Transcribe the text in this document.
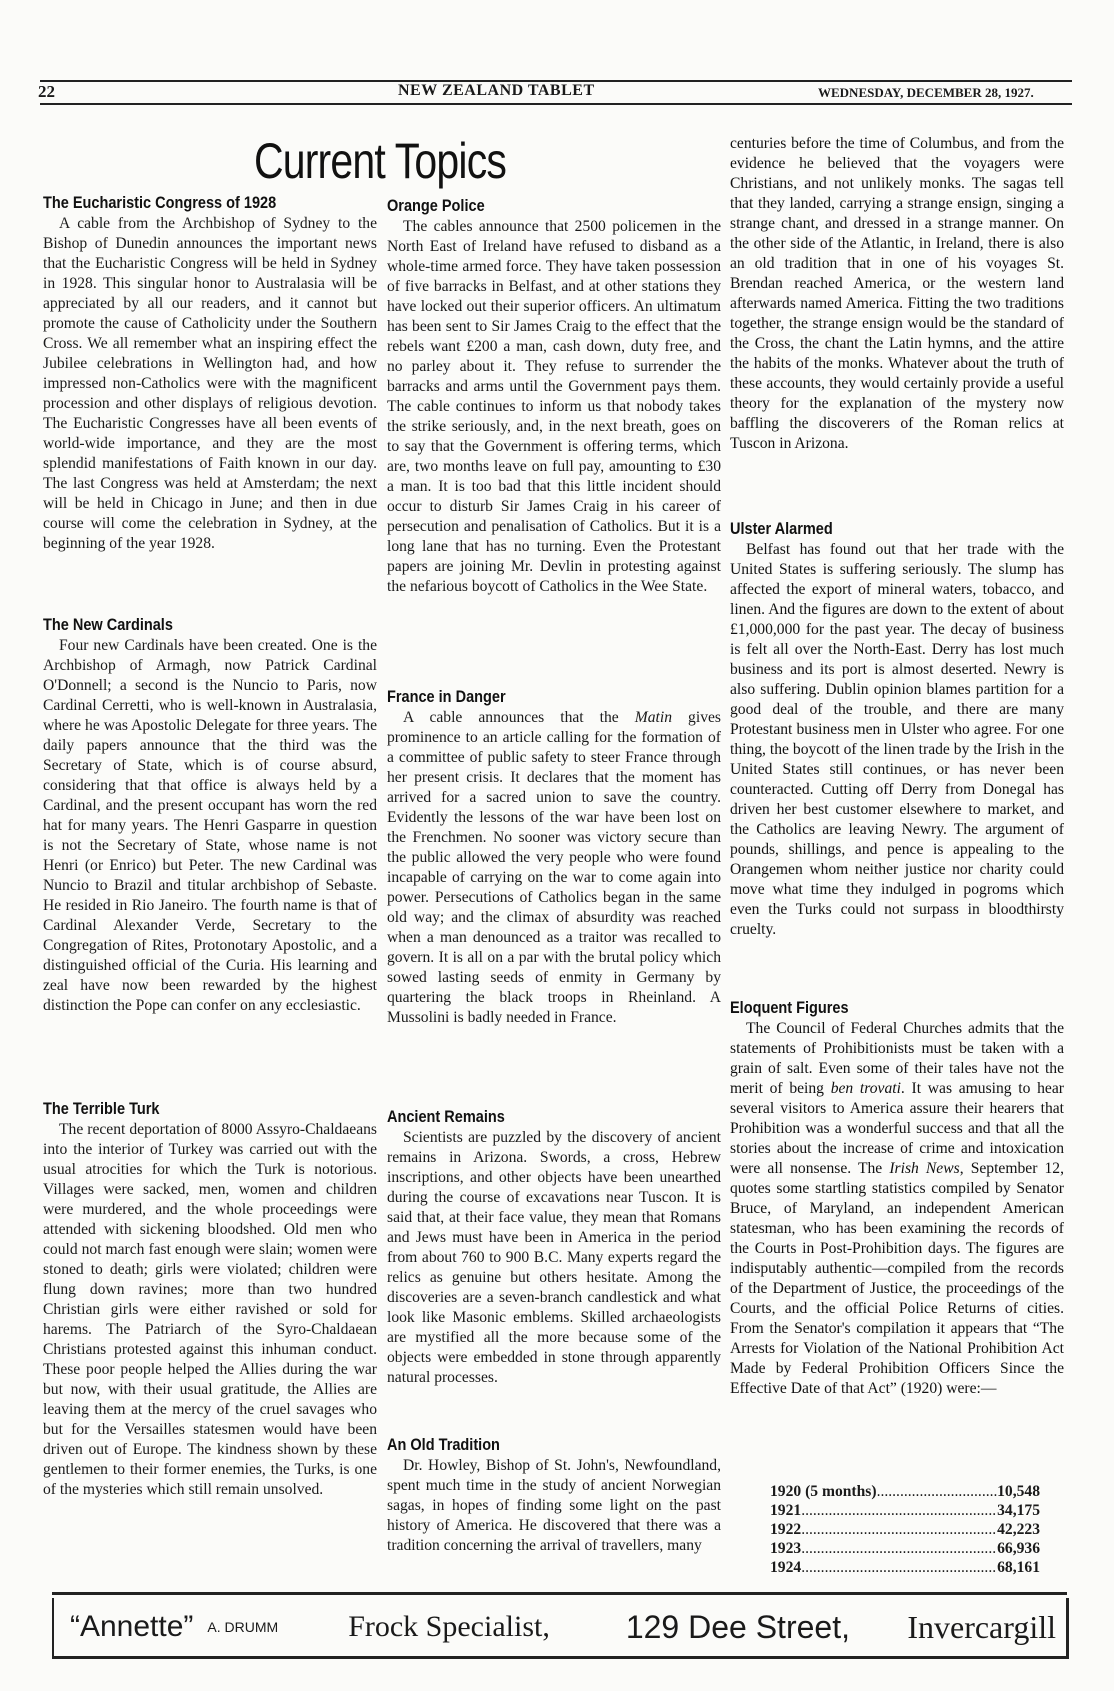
22	NEW ZEALAND TABLET	WEDNESDAY, DECEMBER 28, 1927.
Current Topics
The Eucharistic Congress of 1928

A cable from the Archbishop of Sydney to the Bishop of Dunedin announces the important news that the Eucharistic Congress will be held in Sydney in 1928. This singular honor to Australasia will be appreciated by all our readers, and it cannot but promote the cause of Catholicity under the Southern Cross. We all remember what an inspiring effect the Jubilee celebrations in Wellington had, and how impressed non-Catholics were with the magnificent procession and other displays of religious devotion. The Eucharistic Congresses have all been events of world-wide importance, and they are the most splendid manifestations of Faith known in our day. The last Congress was held at Amsterdam; the next will be held in Chicago in June; and then in due course will come the celebration in Sydney, at the beginning of the year 1928.

The New Cardinals

Four new Cardinals have been created. One is the Archbishop of Armagh, now Patrick Cardinal O'Donnell; a second is the Nuncio to Paris, now Cardinal Cerretti, who is well-known in Australasia, where he was Apostolic Delegate for three years. The daily papers announce that the third was the Secretary of State, which is of course absurd, considering that that office is always held by a Cardinal, and the present occupant has worn the red hat for many years. The Henri Gasparre in question is not the Secretary of State, whose name is not Henri (or Enrico) but Peter. The new Cardinal was Nuncio to Brazil and titular archbishop of Sebaste. He resided in Rio Janeiro. The fourth name is that of Cardinal Alexander Verde, Secretary to the Congregation of Rites, Protonotary Apostolic, and a distinguished official of the Curia. His learning and zeal have now been rewarded by the highest distinction the Pope can confer on any ecclesiastic.

The Terrible Turk

The recent deportation of 8000 Assyro-Chaldaeans into the interior of Turkey was carried out with the usual atrocities for which the Turk is notorious. Villages were sacked, men, women and children were murdered, and the whole proceedings were attended with sickening bloodshed. Old men who could not march fast enough were slain; women were stoned to death; girls were violated; children were flung down ravines; more than two hundred Christian girls were either ravished or sold for harems. The Patriarch of the Syro-Chaldaean Christians protested against this inhuman conduct. These poor people helped the Allies during the war but now, with their usual gratitude, the Allies are leaving them at the mercy of the cruel savages who but for the Versailles statesmen would have been driven out of Europe. The kindness shown by these gentlemen to their former enemies, the Turks, is one of the mysteries which still remain unsolved.

Orange Police

The cables announce that 2500 policemen in the North East of Ireland have refused to disband as a whole-time armed force. They have taken possession of five barracks in Belfast, and at other stations they have locked out their superior officers. An ultimatum has been sent to Sir James Craig to the effect that the rebels want £200 a man, cash down, duty free, and no parley about it. They refuse to surrender the barracks and arms until the Government pays them. The cable continues to inform us that nobody takes the strike seriously, and, in the next breath, goes on to say that the Government is offering terms, which are, two months leave on full pay, amounting to £30 a man. It is too bad that this little incident should occur to disturb Sir James Craig in his career of persecution and penalisation of Catholics. But it is a long lane that has no turning. Even the Protestant papers are joining Mr. Devlin in protesting against the nefarious boycott of Catholics in the Wee State.

France in Danger

A cable announces that the Matin gives prominence to an article calling for the formation of a committee of public safety to steer France through her present crisis. It declares that the moment has arrived for a sacred union to save the country. Evidently the lessons of the war have been lost on the Frenchmen. No sooner was victory secure than the public allowed the very people who were found incapable of carrying on the war to come again into power. Persecutions of Catholics began in the same old way; and the climax of absurdity was reached when a man denounced as a traitor was recalled to govern. It is all on a par with the brutal policy which sowed lasting seeds of enmity in Germany by quartering the black troops in Rheinland. A Mussolini is badly needed in France.

Ancient Remains

Scientists are puzzled by the discovery of ancient remains in Arizona. Swords, a cross, Hebrew inscriptions, and other objects have been unearthed during the course of excavations near Tuscon. It is said that, at their face value, they mean that Romans and Jews must have been in America in the period from about 760 to 900 B.C. Many experts regard the relics as genuine but others hesitate. Among the discoveries are a seven-branch candlestick and what look like Masonic emblems. Skilled archaeologists are mystified all the more because some of the objects were embedded in stone through apparently natural processes.

An Old Tradition

Dr. Howley, Bishop of St. John's, Newfoundland, spent much time in the study of ancient Norwegian sagas, in hopes of finding some light on the past history of America. He discovered that there was a tradition concerning the arrival of travellers, many

centuries before the time of Columbus, and from the evidence he believed that the voyagers were Christians, and not unlikely monks. The sagas tell that they landed, carrying a strange ensign, singing a strange chant, and dressed in a strange manner. On the other side of the Atlantic, in Ireland, there is also an old tradition that in one of his voyages St. Brendan reached America, or the western land afterwards named America. Fitting the two traditions together, the strange ensign would be the standard of the Cross, the chant the Latin hymns, and the attire the habits of the monks. Whatever about the truth of these accounts, they would certainly provide a useful theory for the explanation of the mystery now baffling the discoverers of the Roman relics at Tuscon in Arizona.

Ulster Alarmed

Belfast has found out that her trade with the United States is suffering seriously. The slump has affected the export of mineral waters, tobacco, and linen. And the figures are down to the extent of about £1,000,000 for the past year. The decay of business is felt all over the North-East. Derry has lost much business and its port is almost deserted. Newry is also suffering. Dublin opinion blames partition for a good deal of the trouble, and there are many Protestant business men in Ulster who agree. For one thing, the boycott of the linen trade by the Irish in the United States still continues, or has never been counteracted. Cutting off Derry from Donegal has driven her best customer elsewhere to market, and the Catholics are leaving Newry. The argument of pounds, shillings, and pence is appealing to the Orangemen whom neither justice nor charity could move what time they indulged in pogroms which even the Turks could not surpass in bloodthirsty cruelty.

Eloquent Figures

The Council of Federal Churches admits that the statements of Prohibitionists must be taken with a grain of salt. Even some of their tales have not the merit of being ben trovati. It was amusing to hear several visitors to America assure their hearers that Prohibition was a wonderful success and that all the stories about the increase of crime and intoxication were all nonsense. The Irish News, September 12, quotes some startling statistics compiled by Senator Bruce, of Maryland, an independent American statesman, who has been examining the records of the Courts in Post-Prohibition days. The figures are indisputably authentic—compiled from the records of the Department of Justice, the proceedings of the Courts, and the official Police Returns of cities. From the Senator's compilation it appears that “The Arrests for Violation of the National Prohibition Act Made by Federal Prohibition Officers Since the Effective Date of that Act” (1920) were:—

1920 (5 months) .....	10,548
1921 .....	34,175
1922 .....	42,223
1923 .....	66,936
1924 .....	68,161
“Annette” A. DRUMM Frock Specialist, 129 Dee Street, Invercargill
